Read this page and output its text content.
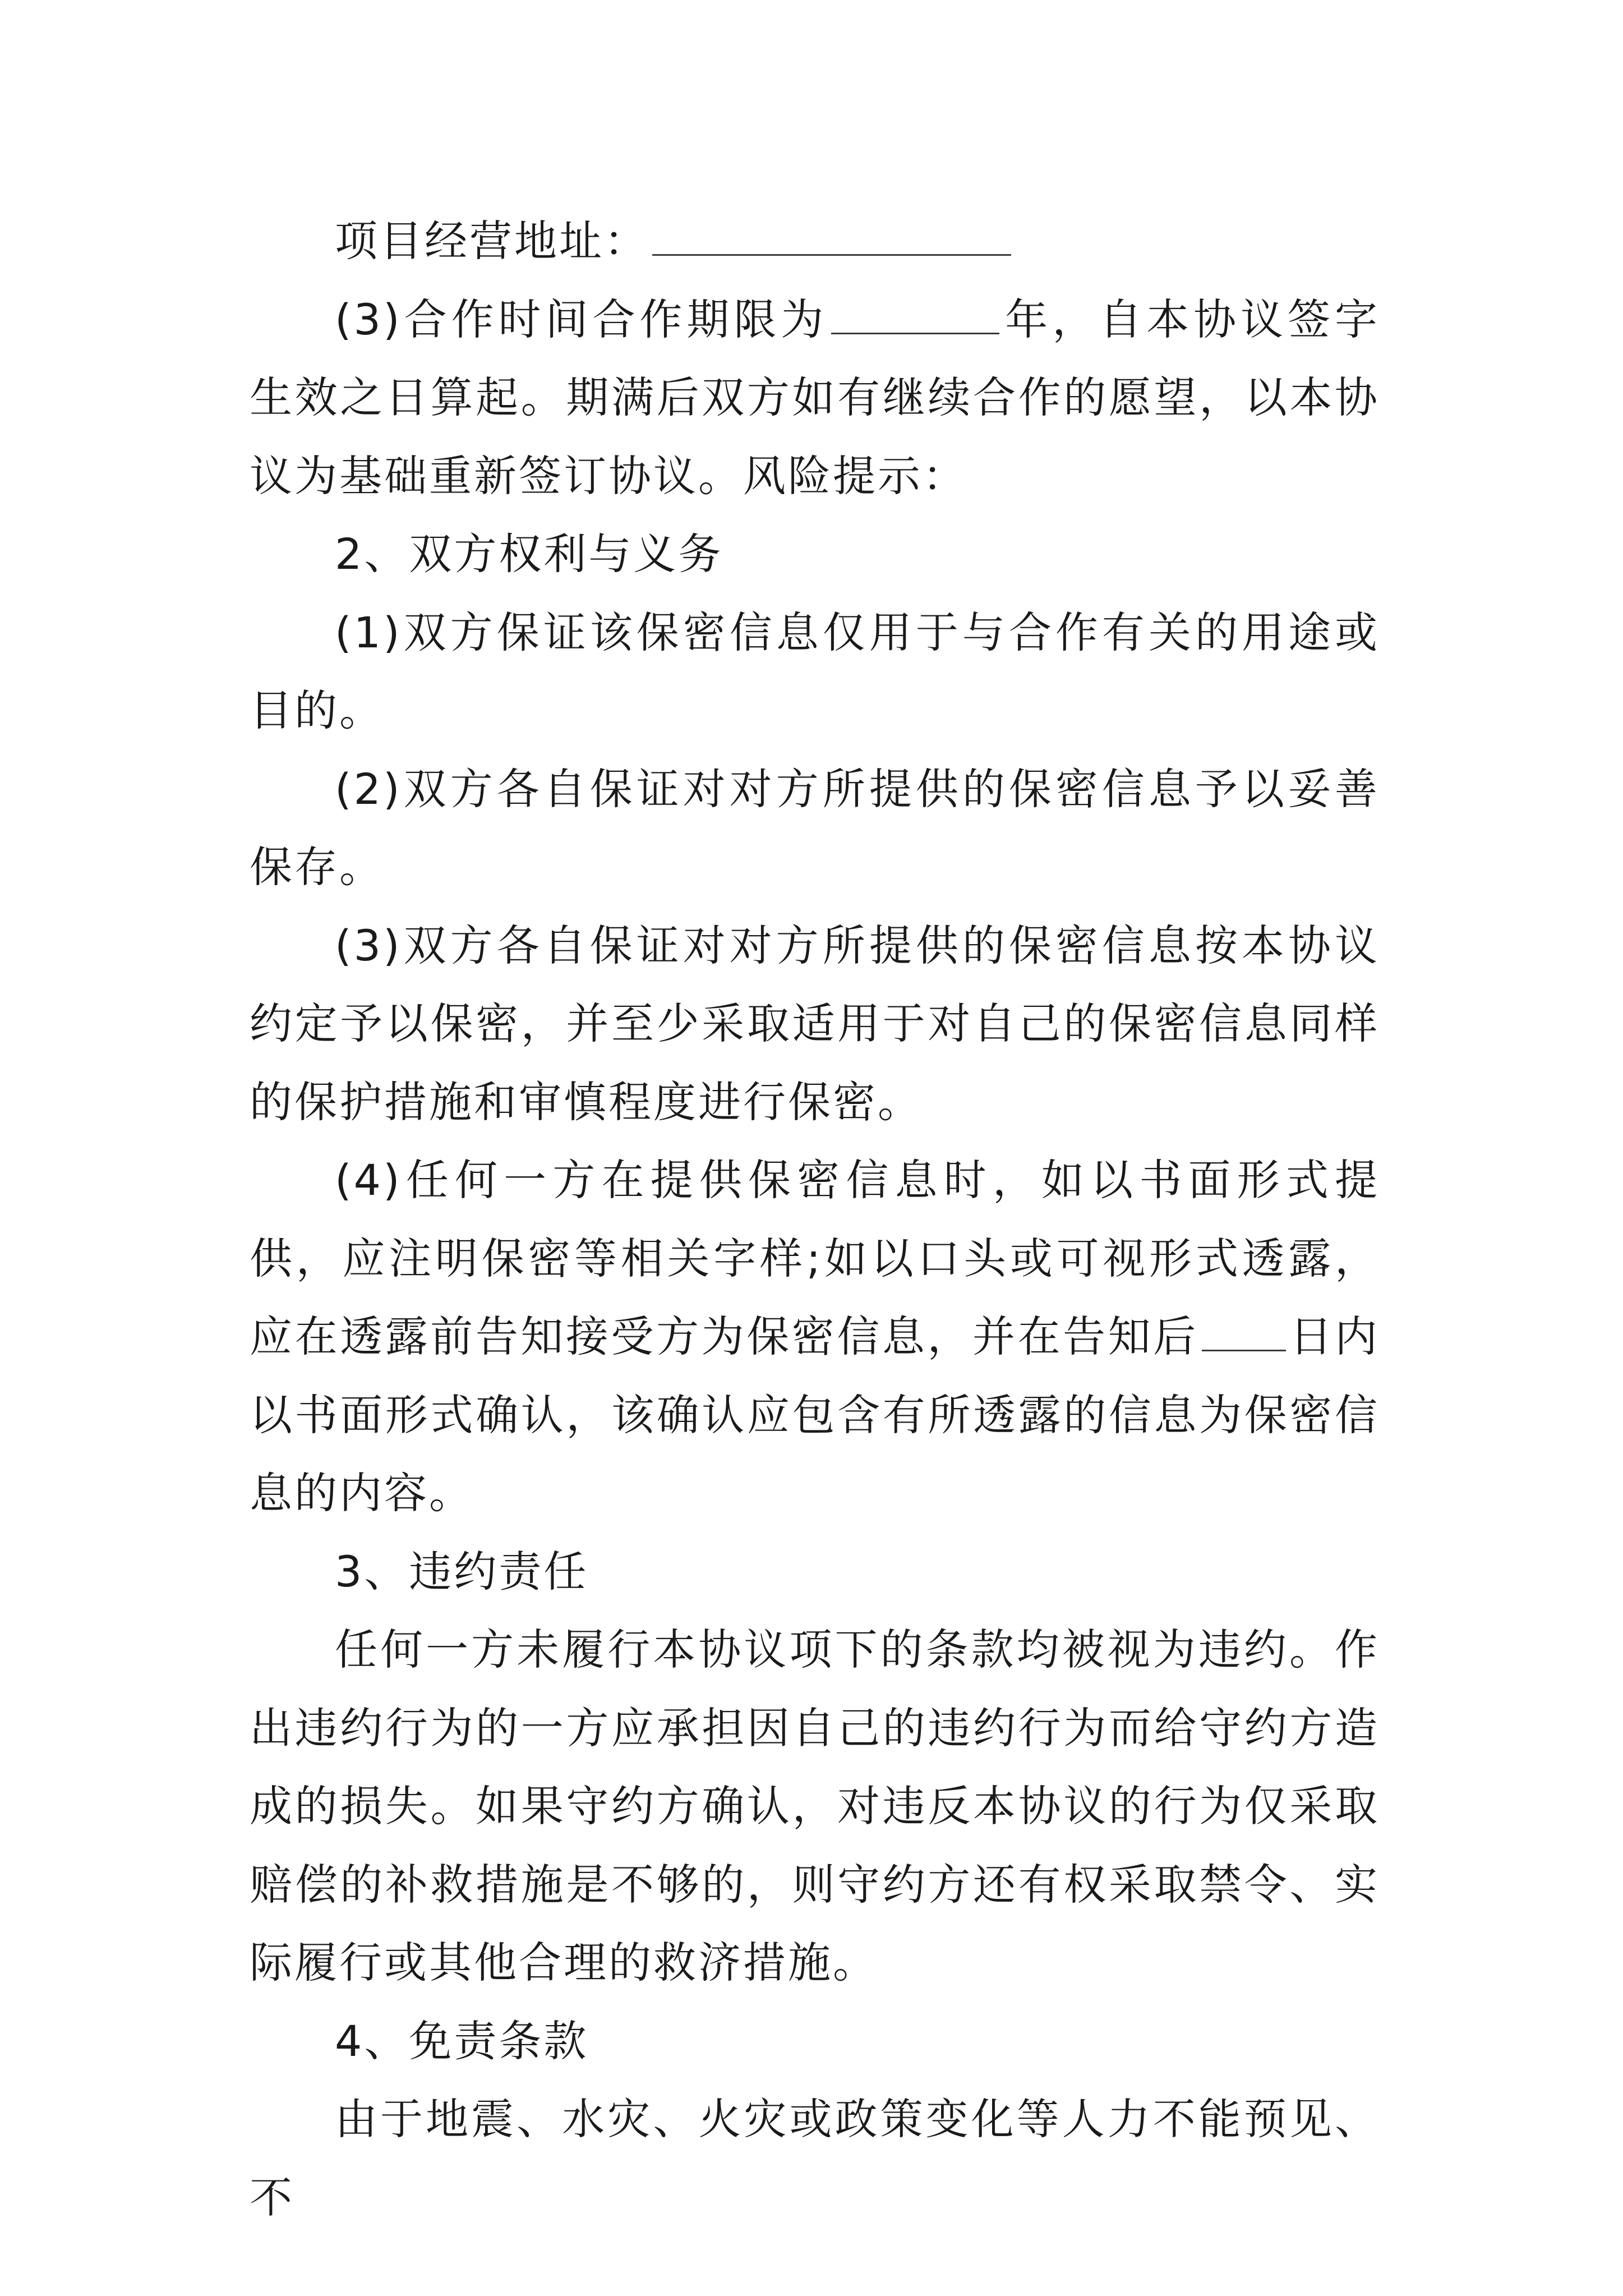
项目经营地址：

(3)合作时间合作期限为	年，自本协议签字生效之日算起。期满后双方如有继续合作的愿望，以本协议为基础重新签订协议。风险提示：

2、双方权利与义务

(1)双方保证该保密信息仅用于与合作有关的用途或目的。

(2)双方各自保证对对方所提供的保密信息予以妥善保存。

(3)双方各自保证对对方所提供的保密信息按本协议约定予以保密，并至少采取适用于对自己的保密信息同样的保护措施和审慎程度进行保密。

(4)任何一方在提供保密信息时，如以书面形式提供，应注明保密等相关字样;如以口头或可视形式透露，应在透露前告知接受方为保密信息，并在告知后 日内以书面形式确认，该确认应包含有所透露的信息为保密信息的内容。

3、违约责任

任何一方未履行本协议项下的条款均被视为违约。作出违约行为的一方应承担因自己的违约行为而给守约方造成的损失。如果守约方确认，对违反本协议的行为仅采取赔偿的补救措施是不够的，则守约方还有权采取禁令、实际履行或其他合理的救济措施。

4、免责条款

由于地震、水灾、火灾或政策变化等人力不能预见、不
